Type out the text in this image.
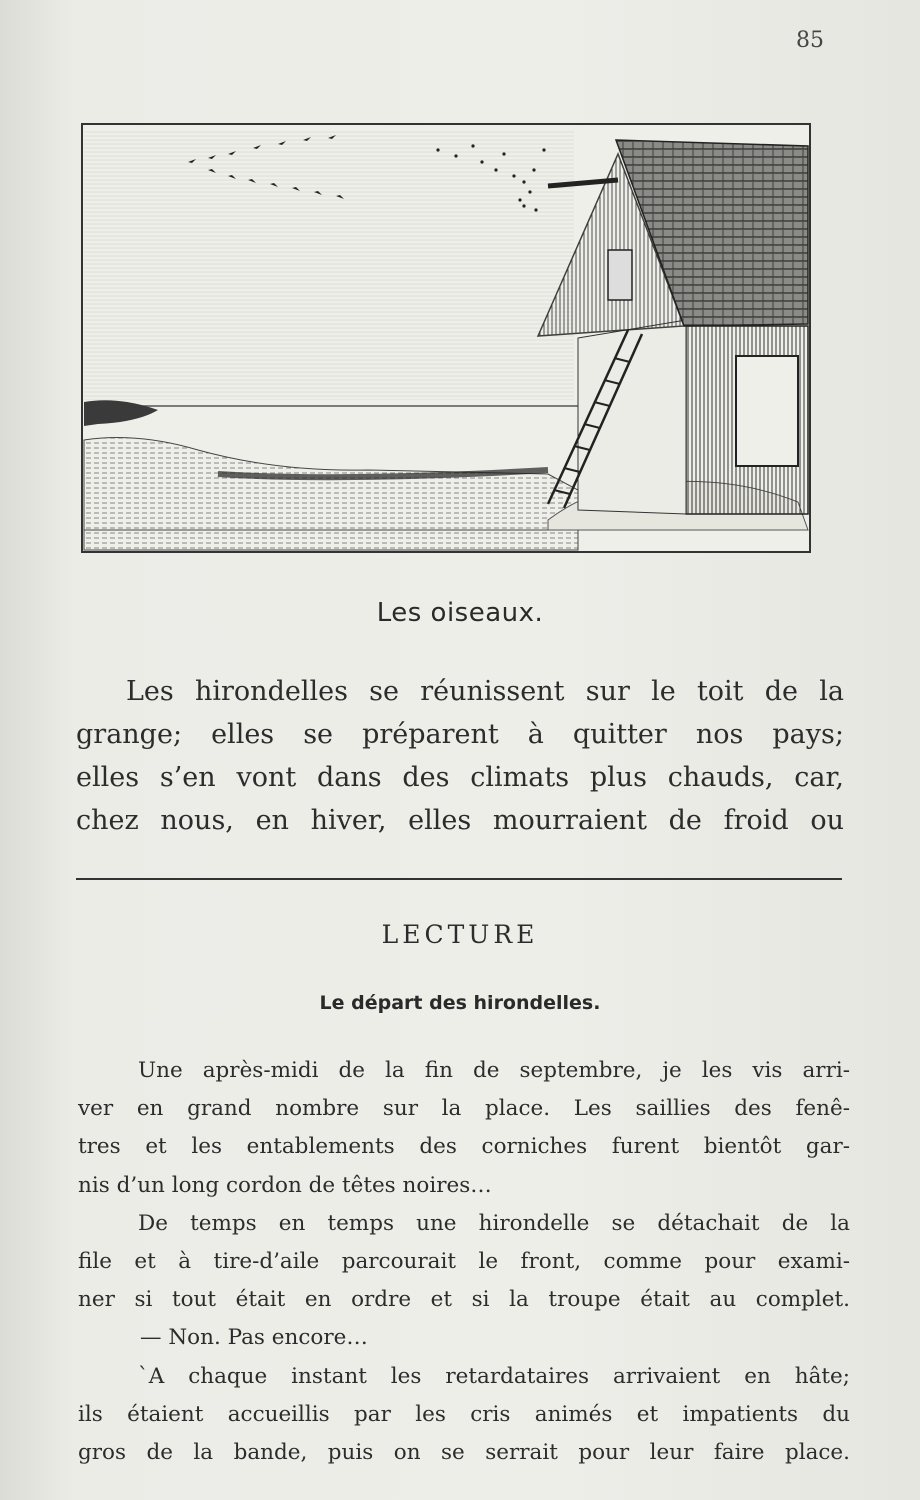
85
Les oiseaux.
Les hirondelles se réunissent sur le toit de la
grange; elles se préparent à quitter nos pays;
elles s’en vont dans des climats plus chauds, car,
chez nous, en hiver, elles mourraient de froid ou
LECTURE
Le départ des hirondelles.
Une après-midi de la fin de septembre, je les vis arri-
ver en grand nombre sur la place. Les saillies des fenê-
tres et les entablements des corniches furent bientôt gar-
nis d’un long cordon de têtes noires…
De temps en temps une hirondelle se détachait de la
file et à tire-d’aile parcourait le front, comme pour exami-
ner si tout était en ordre et si la troupe était au complet.
— Non. Pas encore…
`A chaque instant les retardataires arrivaient en hâte;
ils étaient accueillis par les cris animés et impatients du
gros de la bande, puis on se serrait pour leur faire place.
